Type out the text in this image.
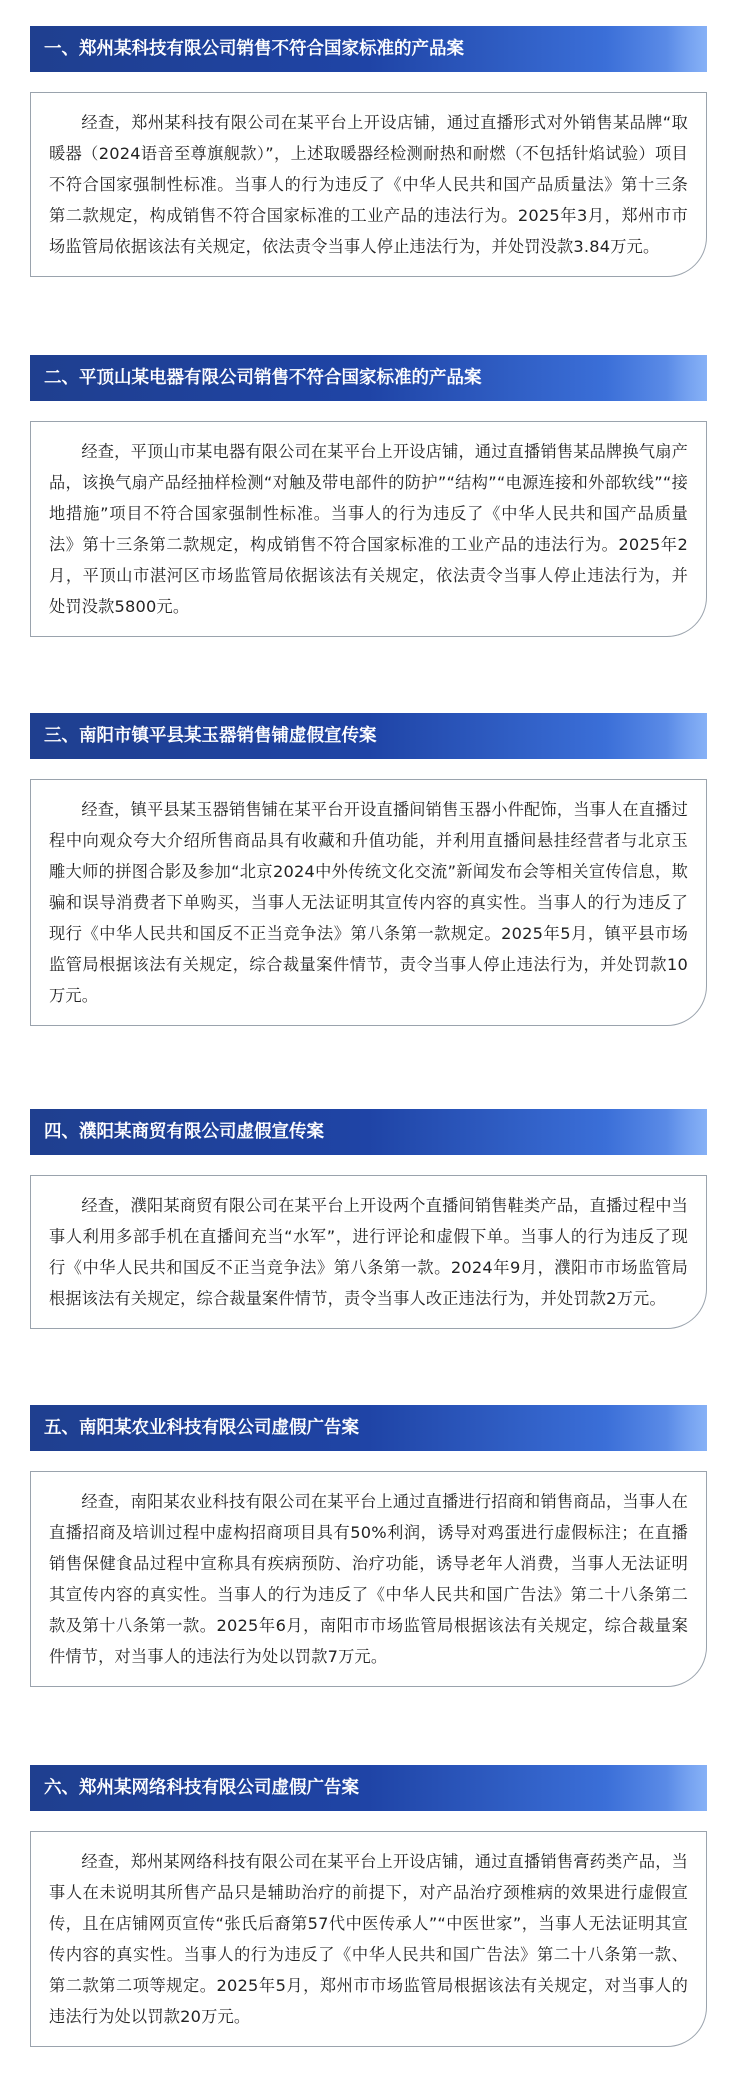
一、郑州某科技有限公司销售不符合国家标准的产品案

经查，郑州某科技有限公司在某平台上开设店铺，通过直播形式对外销售某品牌“取暖器（2024语音至尊旗舰款）”，上述取暖器经检测耐热和耐燃（不包括针焰试验）项目不符合国家强制性标准。当事人的行为违反了《中华人民共和国产品质量法》第十三条第二款规定，构成销售不符合国家标准的工业产品的违法行为。2025年3月，郑州市市场监管局依据该法有关规定，依法责令当事人停止违法行为，并处罚没款3.84万元。

二、平顶山某电器有限公司销售不符合国家标准的产品案

经查，平顶山市某电器有限公司在某平台上开设店铺，通过直播销售某品牌换气扇产品，该换气扇产品经抽样检测“对触及带电部件的防护”“结构”“电源连接和外部软线”“接地措施”项目不符合国家强制性标准。当事人的行为违反了《中华人民共和国产品质量法》第十三条第二款规定，构成销售不符合国家标准的工业产品的违法行为。2025年2月，平顶山市湛河区市场监管局依据该法有关规定，依法责令当事人停止违法行为，并处罚没款5800元。

三、南阳市镇平县某玉器销售铺虚假宣传案

经查，镇平县某玉器销售铺在某平台开设直播间销售玉器小件配饰，当事人在直播过程中向观众夸大介绍所售商品具有收藏和升值功能，并利用直播间悬挂经营者与北京玉雕大师的拼图合影及参加“北京2024中外传统文化交流”新闻发布会等相关宣传信息，欺骗和误导消费者下单购买，当事人无法证明其宣传内容的真实性。当事人的行为违反了现行《中华人民共和国反不正当竞争法》第八条第一款规定。2025年5月，镇平县市场监管局根据该法有关规定，综合裁量案件情节，责令当事人停止违法行为，并处罚款10万元。

四、濮阳某商贸有限公司虚假宣传案

经查，濮阳某商贸有限公司在某平台上开设两个直播间销售鞋类产品，直播过程中当事人利用多部手机在直播间充当“水军”，进行评论和虚假下单。当事人的行为违反了现行《中华人民共和国反不正当竞争法》第八条第一款。2024年9月，濮阳市市场监管局根据该法有关规定，综合裁量案件情节，责令当事人改正违法行为，并处罚款2万元。

五、南阳某农业科技有限公司虚假广告案

经查，南阳某农业科技有限公司在某平台上通过直播进行招商和销售商品，当事人在直播招商及培训过程中虚构招商项目具有50%利润，诱导对鸡蛋进行虚假标注；在直播销售保健食品过程中宣称具有疾病预防、治疗功能，诱导老年人消费，当事人无法证明其宣传内容的真实性。当事人的行为违反了《中华人民共和国广告法》第二十八条第二款及第十八条第一款。2025年6月，南阳市市场监管局根据该法有关规定，综合裁量案件情节，对当事人的违法行为处以罚款7万元。

六、郑州某网络科技有限公司虚假广告案

经查，郑州某网络科技有限公司在某平台上开设店铺，通过直播销售膏药类产品，当事人在未说明其所售产品只是辅助治疗的前提下，对产品治疗颈椎病的效果进行虚假宣传，且在店铺网页宣传“张氏后裔第57代中医传承人”“中医世家”，当事人无法证明其宣传内容的真实性。当事人的行为违反了《中华人民共和国广告法》第二十八条第一款、第二款第二项等规定。2025年5月，郑州市市场监管局根据该法有关规定，对当事人的违法行为处以罚款20万元。
